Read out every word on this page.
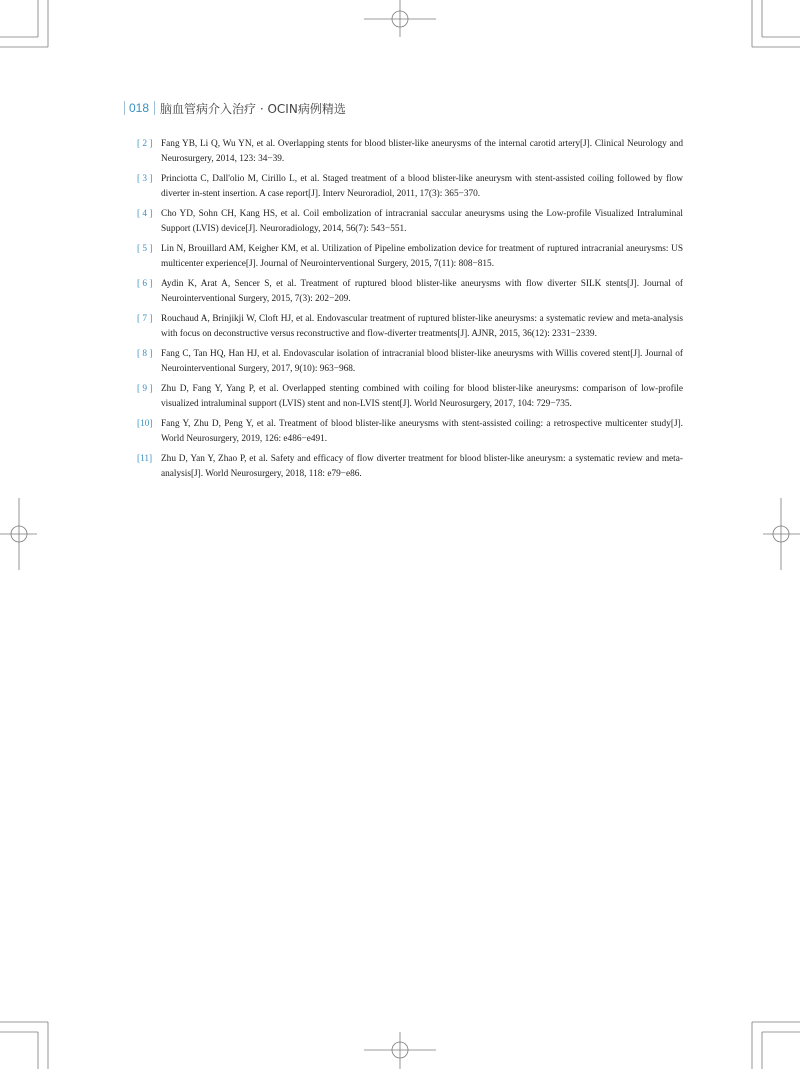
018 脑血管病介入治疗 · OCIN病例精选
[ 2 ] Fang YB, Li Q, Wu YN, et al. Overlapping stents for blood blister-like aneurysms of the internal carotid artery[J]. Clinical Neurology and Neurosurgery, 2014, 123: 34−39.
[ 3 ] Princiotta C, Dall'olio M, Cirillo L, et al. Staged treatment of a blood blister-like aneurysm with stent-assisted coiling followed by flow diverter in-stent insertion. A case report[J]. Interv Neuroradiol, 2011, 17(3): 365−370.
[ 4 ] Cho YD, Sohn CH, Kang HS, et al. Coil embolization of intracranial saccular aneurysms using the Low-profile Visualized Intraluminal Support (LVIS) device[J]. Neuroradiology, 2014, 56(7): 543−551.
[ 5 ] Lin N, Brouillard AM, Keigher KM, et al. Utilization of Pipeline embolization device for treatment of ruptured intracranial aneurysms: US multicenter experience[J]. Journal of Neurointerventional Surgery, 2015, 7(11): 808−815.
[ 6 ] Aydin K, Arat A, Sencer S, et al. Treatment of ruptured blood blister-like aneurysms with flow diverter SILK stents[J]. Journal of Neurointerventional Surgery, 2015, 7(3): 202−209.
[ 7 ] Rouchaud A, Brinjikji W, Cloft HJ, et al. Endovascular treatment of ruptured blister-like aneurysms: a systematic review and meta-analysis with focus on deconstructive versus reconstructive and flow-diverter treatments[J]. AJNR, 2015, 36(12): 2331−2339.
[ 8 ] Fang C, Tan HQ, Han HJ, et al. Endovascular isolation of intracranial blood blister-like aneurysms with Willis covered stent[J]. Journal of Neurointerventional Surgery, 2017, 9(10): 963−968.
[ 9 ] Zhu D, Fang Y, Yang P, et al. Overlapped stenting combined with coiling for blood blister-like aneurysms: comparison of low-profile visualized intraluminal support (LVIS) stent and non-LVIS stent[J]. World Neurosurgery, 2017, 104: 729−735.
[10] Fang Y, Zhu D, Peng Y, et al. Treatment of blood blister-like aneurysms with stent-assisted coiling: a retrospective multicenter study[J]. World Neurosurgery, 2019, 126: e486−e491.
[11] Zhu D, Yan Y, Zhao P, et al. Safety and efficacy of flow diverter treatment for blood blister-like aneurysm: a systematic review and meta-analysis[J]. World Neurosurgery, 2018, 118: e79−e86.
